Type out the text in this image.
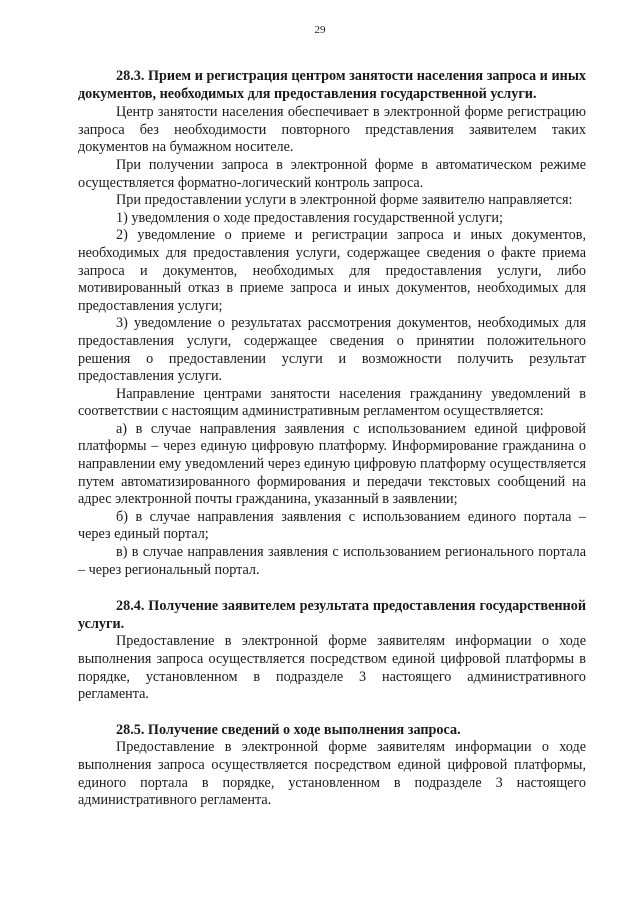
29

28.3. Прием и регистрация центром занятости населения запроса и иных документов, необходимых для предоставления государственной услуги.

Центр занятости населения обеспечивает в электронной форме регистрацию запроса без необходимости повторного представления заявителем таких документов на бумажном носителе.

При получении запроса в электронной форме в автоматическом режиме осуществляется форматно-логический контроль запроса.

При предоставлении услуги в электронной форме заявителю направляется:

1) уведомления о ходе предоставления государственной услуги;

2) уведомление о приеме и регистрации запроса и иных документов, необходимых для предоставления услуги, содержащее сведения о факте приема запроса и документов, необходимых для предоставления услуги, либо мотивированный отказ в приеме запроса и иных документов, необходимых для предоставления услуги;

3) уведомление о результатах рассмотрения документов, необходимых для предоставления услуги, содержащее сведения о принятии положительного решения о предоставлении услуги и возможности получить результат предоставления услуги.

Направление центрами занятости населения гражданину уведомлений в соответствии с настоящим административным регламентом осуществляется:

а) в случае направления заявления с использованием единой цифровой платформы – через единую цифровую платформу. Информирование гражданина о направлении ему уведомлений через единую цифровую платформу осуществляется путем автоматизированного формирования и передачи текстовых сообщений на адрес электронной почты гражданина, указанный в заявлении;

б) в случае направления заявления с использованием единого портала – через единый портал;

в) в случае направления заявления с использованием регионального портала – через региональный портал.

28.4. Получение заявителем результата предоставления государственной услуги.

Предоставление в электронной форме заявителям информации о ходе выполнения запроса осуществляется посредством единой цифровой платформы в порядке, установленном в подразделе 3 настоящего административного регламента.

28.5. Получение сведений о ходе выполнения запроса.

Предоставление в электронной форме заявителям информации о ходе выполнения запроса осуществляется посредством единой цифровой платформы, единого портала в порядке, установленном в подразделе 3 настоящего административного регламента.
